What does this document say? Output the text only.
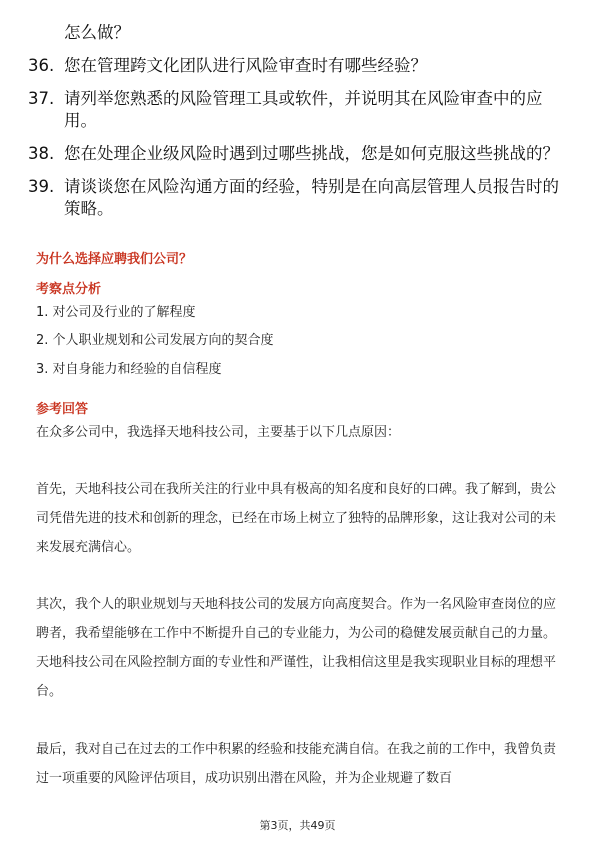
怎么做？

36. 您在管理跨文化团队进行风险审查时有哪些经验？
37. 请列举您熟悉的风险管理工具或软件，并说明其在风险审查中的应用。
38. 您在处理企业级风险时遇到过哪些挑战，您是如何克服这些挑战的？
39. 请谈谈您在风险沟通方面的经验，特别是在向高层管理人员报告时的策略。
为什么选择应聘我们公司？
考察点分析

1. 对公司及行业的了解程度

2. 个人职业规划和公司发展方向的契合度

3. 对自身能力和经验的自信程度

参考回答

在众多公司中，我选择天地科技公司，主要基于以下几点原因：

首先，天地科技公司在我所关注的行业中具有极高的知名度和良好的口碑。我了解到，贵公司凭借先进的技术和创新的理念，已经在市场上树立了独特的品牌形象，这让我对公司的未来发展充满信心。

其次，我个人的职业规划与天地科技公司的发展方向高度契合。作为一名风险审查岗位的应聘者，我希望能够在工作中不断提升自己的专业能力，为公司的稳健发展贡献自己的力量。天地科技公司在风险控制方面的专业性和严谨性，让我相信这里是我实现职业目标的理想平台。

最后，我对自己在过去的工作中积累的经验和技能充满自信。在我之前的工作中，我曾负责过一项重要的风险评估项目，成功识别出潜在风险，并为企业规避了数百

第3页，共49页
